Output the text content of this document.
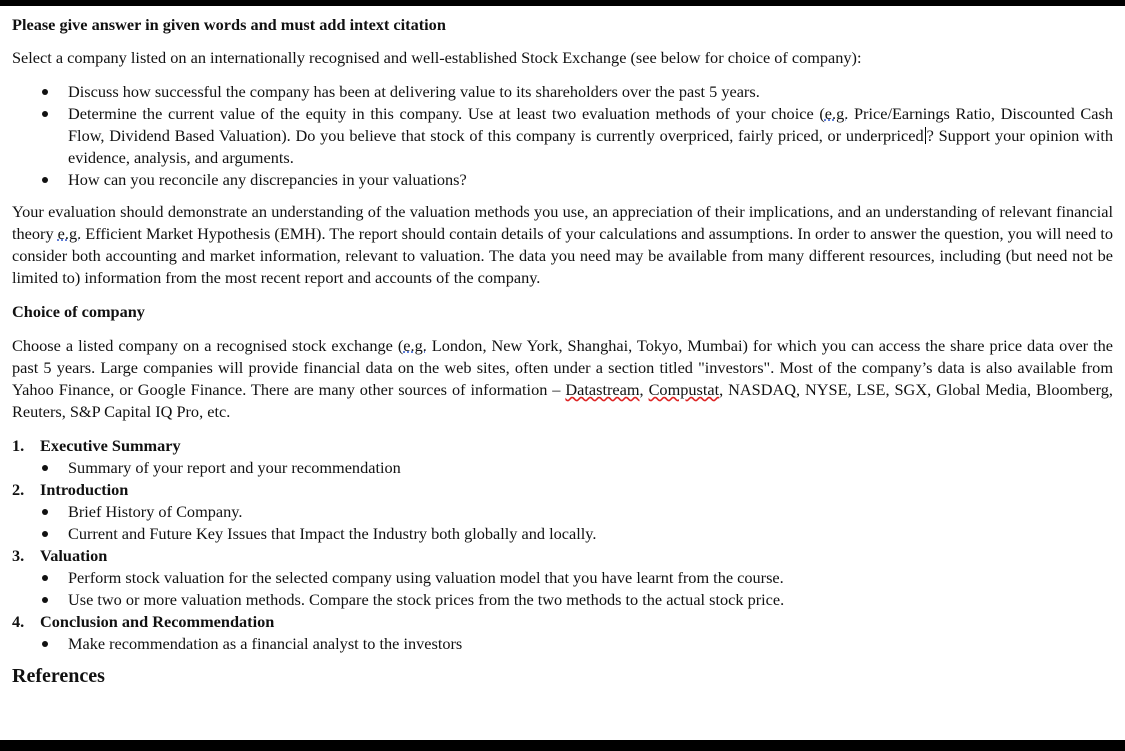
Please give answer in given words and must add intext citation

Select a company listed on an internationally recognised and well-established Stock Exchange (see below for choice of company):

Discuss how successful the company has been at delivering value to its shareholders over the past 5 years.
Determine the current value of the equity in this company. Use at least two evaluation methods of your choice (e.g. Price/Earnings Ratio, Discounted Cash Flow, Dividend Based Valuation). Do you believe that stock of this company is currently overpriced, fairly priced, or underpriced ? Support your opinion with evidence, analysis, and arguments.
How can you reconcile any discrepancies in your valuations?

Your evaluation should demonstrate an understanding of the valuation methods you use, an appreciation of their implications, and an understanding of relevant financial theory e.g. Efficient Market Hypothesis (EMH). The report should contain details of your calculations and assumptions. In order to answer the question, you will need to consider both accounting and market information, relevant to valuation. The data you need may be available from many different resources, including (but need not be limited to) information from the most recent report and accounts of the company.

Choice of company

Choose a listed company on a recognised stock exchange (e.g. London, New York, Shanghai, Tokyo, Mumbai) for which you can access the share price data over the past 5 years. Large companies will provide financial data on the web sites, often under a section titled "investors". Most of the company’s data is also available from Yahoo Finance, or Google Finance. There are many other sources of information – Datastream, Compustat, NASDAQ, NYSE, LSE, SGX, Global Media, Bloomberg, Reuters, S&P Capital IQ Pro, etc.

1. Executive Summary
Summary of your report and your recommendation
2. Introduction
Brief History of Company.
Current and Future Key Issues that Impact the Industry both globally and locally.
3. Valuation
Perform stock valuation for the selected company using valuation model that you have learnt from the course.
Use two or more valuation methods. Compare the stock prices from the two methods to the actual stock price.
4. Conclusion and Recommendation
Make recommendation as a financial analyst to the investors

References
